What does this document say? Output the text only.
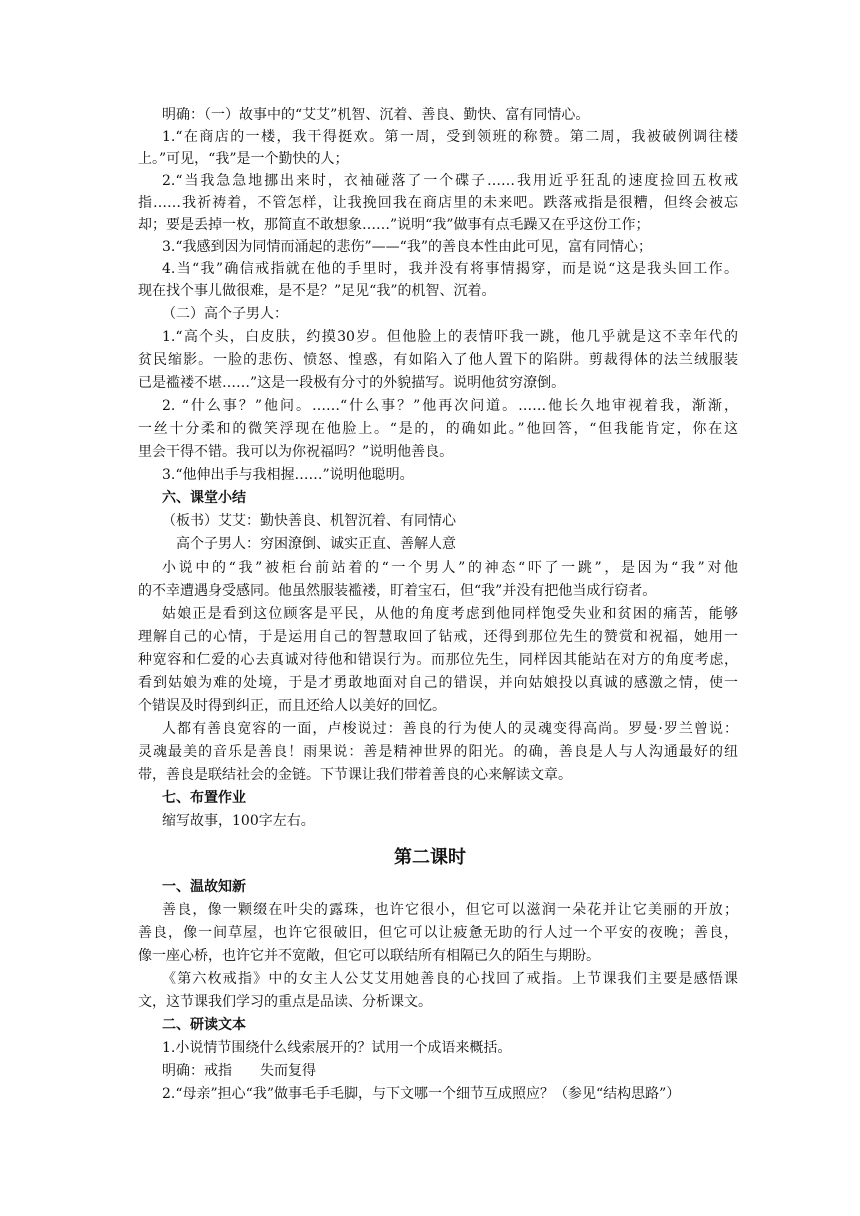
明确：（一）故事中的“艾艾”机智、沉着、善良、勤快、富有同情心。
1.“在商店的一楼，我干得挺欢。第一周，受到领班的称赞。第二周，我被破例调往楼
上。”可见，“我”是一个勤快的人；
2.“当我急急地挪出来时，衣袖碰落了一个碟子……我用近乎狂乱的速度捡回五枚戒
指……我祈祷着，不管怎样，让我挽回我在商店里的未来吧。跌落戒指是很糟，但终会被忘
却；要是丢掉一枚，那简直不敢想象……”说明“我”做事有点毛躁又在乎这份工作；
3.“我感到因为同情而涌起的悲伤”——“我”的善良本性由此可见，富有同情心；
4.当“我”确信戒指就在他的手里时，我并没有将事情揭穿，而是说“这是我头回工作。
现在找个事儿做很难，是不是？”足见“我”的机智、沉着。
（二）高个子男人：
1.“高个头，白皮肤，约摸30岁。但他脸上的表情吓我一跳，他几乎就是这不幸年代的
贫民缩影。一脸的悲伤、愤怒、惶惑，有如陷入了他人置下的陷阱。剪裁得体的法兰绒服装
已是褴褛不堪……”这是一段极有分寸的外貌描写。说明他贫穷潦倒。
2. “什么事？”他问。……“什么事？”他再次问道。……他长久地审视着我，渐渐，
一丝十分柔和的微笑浮现在他脸上。“是的，的确如此。”他回答，“但我能肯定，你在这
里会干得不错。我可以为你祝福吗？”说明他善良。
3.“他伸出手与我相握……”说明他聪明。
六、课堂小结
（板书）艾艾：勤快善良、机智沉着、有同情心
高个子男人：穷困潦倒、诚实正直、善解人意
小说中的“我”被柜台前站着的“一个男人”的神态“吓了一跳”，是因为“我”对他
的不幸遭遇身受感同。他虽然服装褴褛，盯着宝石，但“我”并没有把他当成行窃者。
姑娘正是看到这位顾客是平民，从他的角度考虑到他同样饱受失业和贫困的痛苦，能够
理解自己的心情，于是运用自己的智慧取回了钻戒，还得到那位先生的赞赏和祝福，她用一
种宽容和仁爱的心去真诚对待他和错误行为。而那位先生，同样因其能站在对方的角度考虑，
看到姑娘为难的处境，于是才勇敢地面对自己的错误，并向姑娘投以真诚的感激之情，使一
个错误及时得到纠正，而且还给人以美好的回忆。
人都有善良宽容的一面，卢梭说过：善良的行为使人的灵魂变得高尚。罗曼·罗兰曾说：
灵魂最美的音乐是善良！雨果说：善是精神世界的阳光。的确，善良是人与人沟通最好的纽
带，善良是联结社会的金链。下节课让我们带着善良的心来解读文章。
七、布置作业
缩写故事，100字左右。
第二课时
一、温故知新
善良，像一颗缀在叶尖的露珠，也许它很小，但它可以滋润一朵花并让它美丽的开放；
善良，像一间草屋，也许它很破旧，但它可以让疲惫无助的行人过一个平安的夜晚；善良，
像一座心桥，也许它并不宽敞，但它可以联结所有相隔已久的陌生与期盼。
《第六枚戒指》中的女主人公艾艾用她善良的心找回了戒指。上节课我们主要是感悟课
文，这节课我们学习的重点是品读、分析课文。
二、研读文本
1.小说情节围绕什么线索展开的？试用一个成语来概括。
明确：戒指　　失而复得
2.“母亲”担心“我”做事毛手毛脚，与下文哪一个细节互成照应？（参见“结构思路”）
